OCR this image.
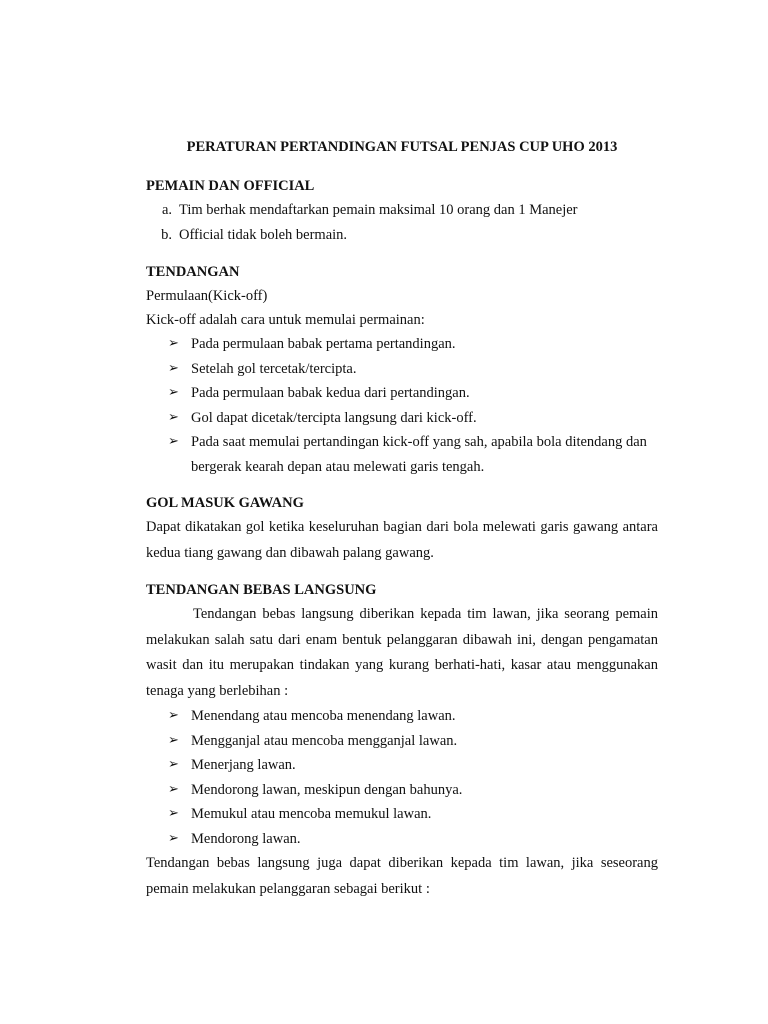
PERATURAN PERTANDINGAN FUTSAL PENJAS CUP UHO 2013

PEMAIN DAN OFFICIAL

a. Tim berhak mendaftarkan pemain maksimal 10 orang dan 1 Manejer
b. Official tidak boleh bermain.

TENDANGAN

Permulaan(Kick-off)

Kick-off adalah cara untuk memulai permainan:

➢ Pada permulaan babak pertama pertandingan.
➢ Setelah gol tercetak/tercipta.
➢ Pada permulaan babak kedua dari pertandingan.
➢ Gol dapat dicetak/tercipta langsung dari kick-off.
➢ Pada saat memulai pertandingan kick-off yang sah, apabila bola ditendang dan bergerak kearah depan atau melewati garis tengah.

GOL MASUK GAWANG

Dapat dikatakan gol ketika keseluruhan bagian dari bola melewati garis gawang antara kedua tiang gawang dan dibawah palang gawang.

TENDANGAN BEBAS LANGSUNG

Tendangan bebas langsung diberikan kepada tim lawan, jika seorang pemain melakukan salah satu dari enam bentuk pelanggaran dibawah ini, dengan pengamatan wasit dan itu merupakan tindakan yang kurang berhati-hati, kasar atau menggunakan tenaga yang berlebihan :

➢ Menendang atau mencoba menendang lawan.
➢ Mengganjal atau mencoba mengganjal lawan.
➢ Menerjang lawan.
➢ Mendorong lawan, meskipun dengan bahunya.
➢ Memukul atau mencoba memukul lawan.
➢ Mendorong lawan.

Tendangan bebas langsung juga dapat diberikan kepada tim lawan, jika seseorang pemain melakukan pelanggaran sebagai berikut :
